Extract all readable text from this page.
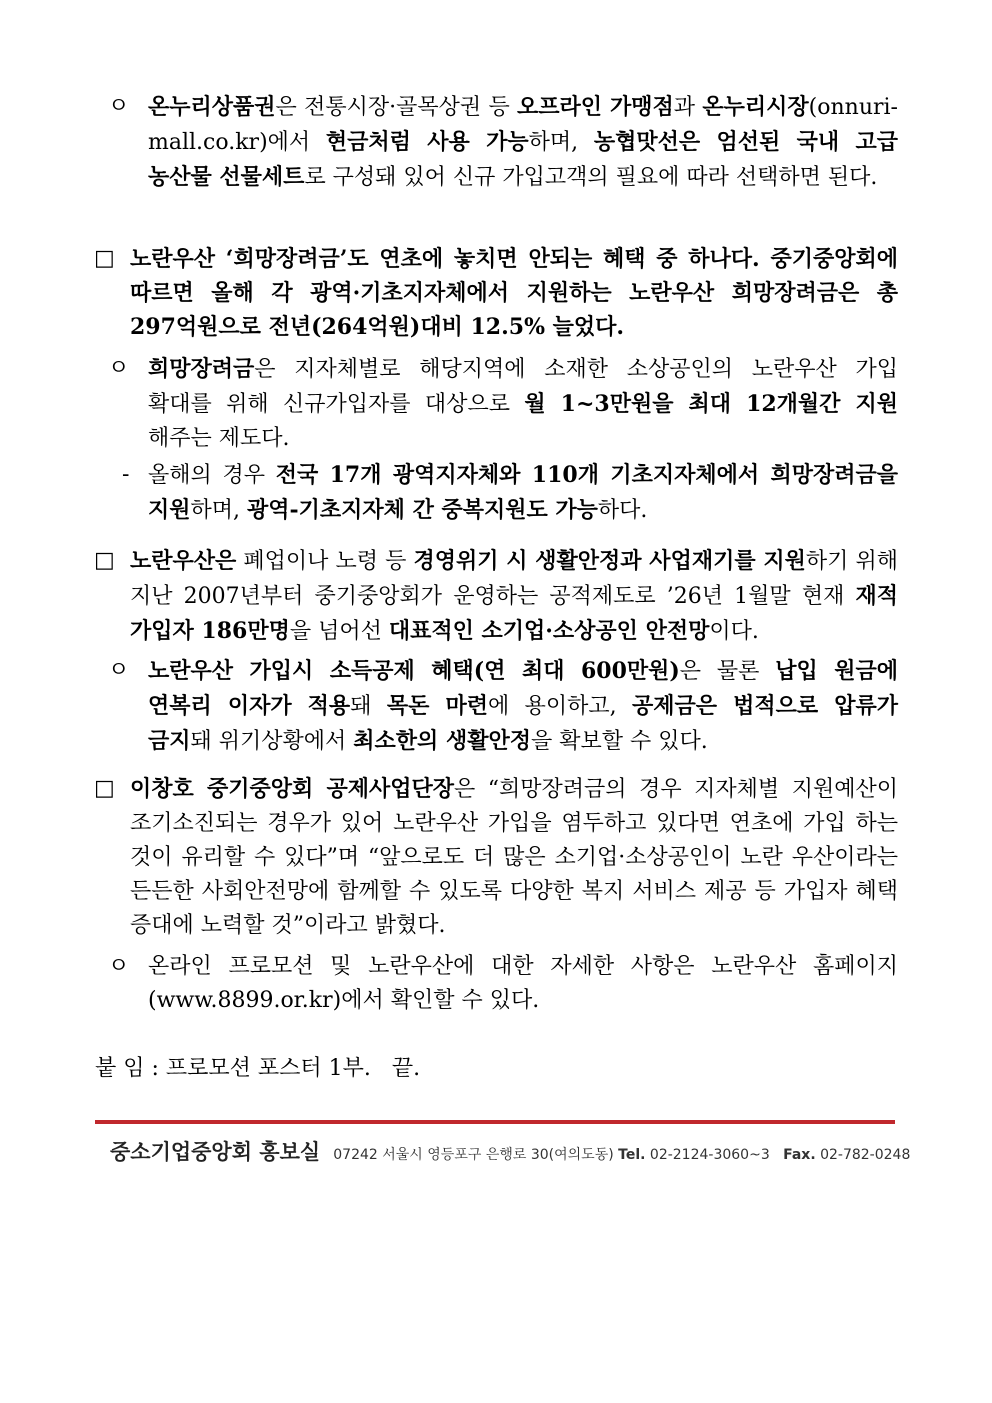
ㅇ 온누리상품권은 전통시장·골목상권 등 오프라인 가맹점과 온누리시장(onnuri-mall.co.kr)에서 현금처럼 사용 가능하며, 농협맛선은 엄선된 국내 고급 농산물 선물세트로 구성돼 있어 신규 가입고객의 필요에 따라 선택하면 된다.
□ 노란우산 ‘희망장려금’도 연초에 놓치면 안되는 혜택 중 하나다. 중기중앙회에 따르면 올해 각 광역·기초지자체에서 지원하는 노란우산 희망장려금은 총 297억원으로 전년(264억원)대비 12.5% 늘었다.
ㅇ 희망장려금은 지자체별로 해당지역에 소재한 소상공인의 노란우산 가입 확대를 위해 신규가입자를 대상으로 월 1~3만원을 최대 12개월간 지원 해주는 제도다.
- 올해의 경우 전국 17개 광역지자체와 110개 기초지자체에서 희망장려금을 지원하며, 광역-기초지자체 간 중복지원도 가능하다.
□ 노란우산은 폐업이나 노령 등 경영위기 시 생활안정과 사업재기를 지원하기 위해 지난 2007년부터 중기중앙회가 운영하는 공적제도로 ’26년 1월말 현재 재적 가입자 186만명을 넘어선 대표적인 소기업·소상공인 안전망이다.
ㅇ 노란우산 가입시 소득공제 혜택(연 최대 600만원)은 물론 납입 원금에 연복리 이자가 적용돼 목돈 마련에 용이하고, 공제금은 법적으로 압류가 금지돼 위기상황에서 최소한의 생활안정을 확보할 수 있다.
□ 이창호 중기중앙회 공제사업단장은 “희망장려금의 경우 지자체별 지원예산이 조기소진되는 경우가 있어 노란우산 가입을 염두하고 있다면 연초에 가입 하는 것이 유리할 수 있다”며 “앞으로도 더 많은 소기업·소상공인이 노란 우산이라는 든든한 사회안전망에 함께할 수 있도록 다양한 복지 서비스 제공 등 가입자 혜택 증대에 노력할 것”이라고 밝혔다.
ㅇ 온라인 프로모션 및 노란우산에 대한 자세한 사항은 노란우산 홈페이지 (www.8899.or.kr)에서 확인할 수 있다.
붙 임 : 프로모션 포스터 1부.   끝.
중소기업중앙회 홍보실 07242 서울시 영등포구 은행로 30(여의도동) Tel. 02-2124-3060~3 Fax. 02-782-0248
